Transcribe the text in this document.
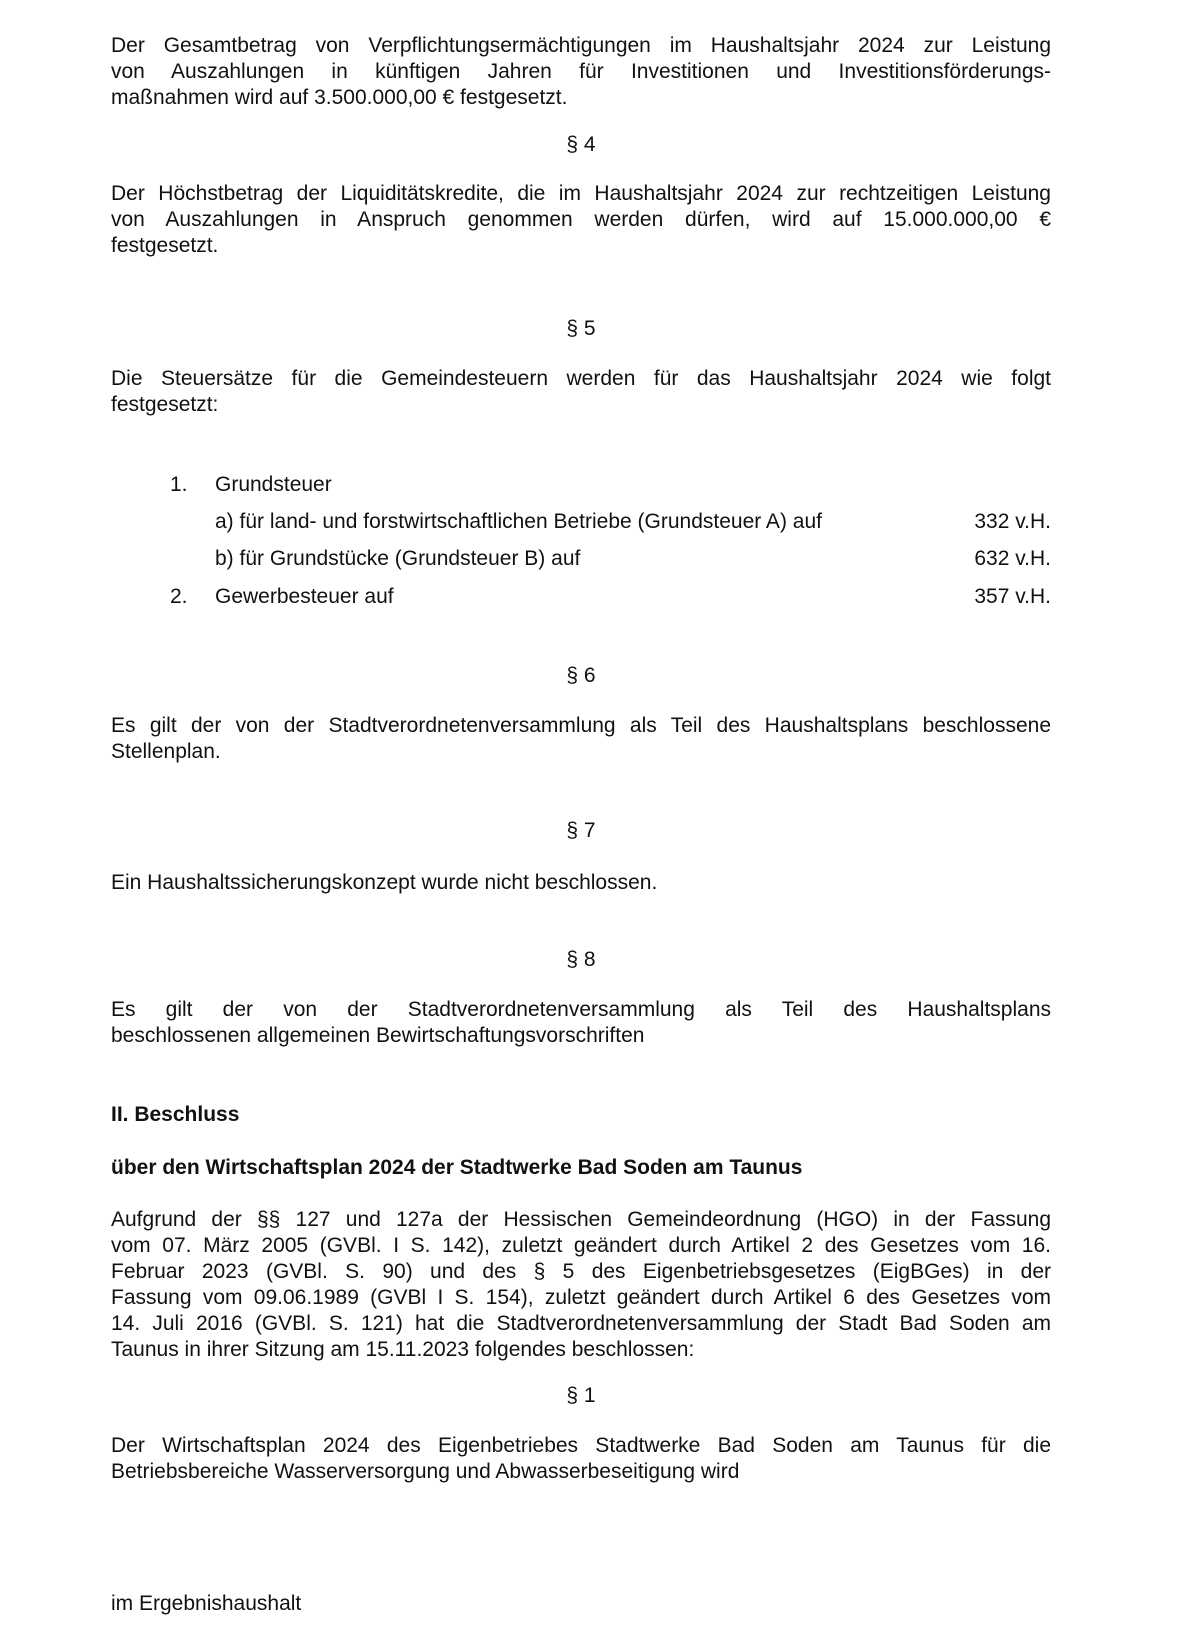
Der Gesamtbetrag von Verpflichtungsermächtigungen im Haushaltsjahr 2024 zur Leistung
von Auszahlungen in künftigen Jahren für Investitionen und Investitionsförderungs-
maßnahmen wird auf 3.500.000,00 € festgesetzt.
§ 4
Der Höchstbetrag der Liquiditätskredite, die im Haushaltsjahr 2024 zur rechtzeitigen Leistung
von Auszahlungen in Anspruch genommen werden dürfen, wird auf 15.000.000,00 €
festgesetzt.
§ 5
Die Steuersätze für die Gemeindesteuern werden für das Haushaltsjahr 2024 wie folgt
festgesetzt:
1. Grundsteuer
a) für land- und forstwirtschaftlichen Betriebe (Grundsteuer A) auf	332 v.H.
b) für Grundstücke (Grundsteuer B) auf	632 v.H.
2. Gewerbesteuer auf	357 v.H.
§ 6
Es gilt der von der Stadtverordnetenversammlung als Teil des Haushaltsplans beschlossene
Stellenplan.
§ 7
Ein Haushaltssicherungskonzept wurde nicht beschlossen.
§ 8
Es gilt der von der Stadtverordnetenversammlung als Teil des Haushaltsplans
beschlossenen allgemeinen Bewirtschaftungsvorschriften
II. Beschluss
über den Wirtschaftsplan 2024 der Stadtwerke Bad Soden am Taunus
Aufgrund der §§ 127 und 127a der Hessischen Gemeindeordnung (HGO) in der Fassung
vom 07. März 2005 (GVBl. I S. 142), zuletzt geändert durch Artikel 2 des Gesetzes vom 16.
Februar 2023 (GVBl. S. 90) und des § 5 des Eigenbetriebsgesetzes (EigBGes) in der
Fassung vom 09.06.1989 (GVBl I S. 154), zuletzt geändert durch Artikel 6 des Gesetzes vom
14. Juli 2016 (GVBl. S. 121) hat die Stadtverordnetenversammlung der Stadt Bad Soden am
Taunus in ihrer Sitzung am 15.11.2023 folgendes beschlossen:
§ 1
Der Wirtschaftsplan 2024 des Eigenbetriebes Stadtwerke Bad Soden am Taunus für die
Betriebsbereiche Wasserversorgung und Abwasserbeseitigung wird
im Ergebnishaushalt
